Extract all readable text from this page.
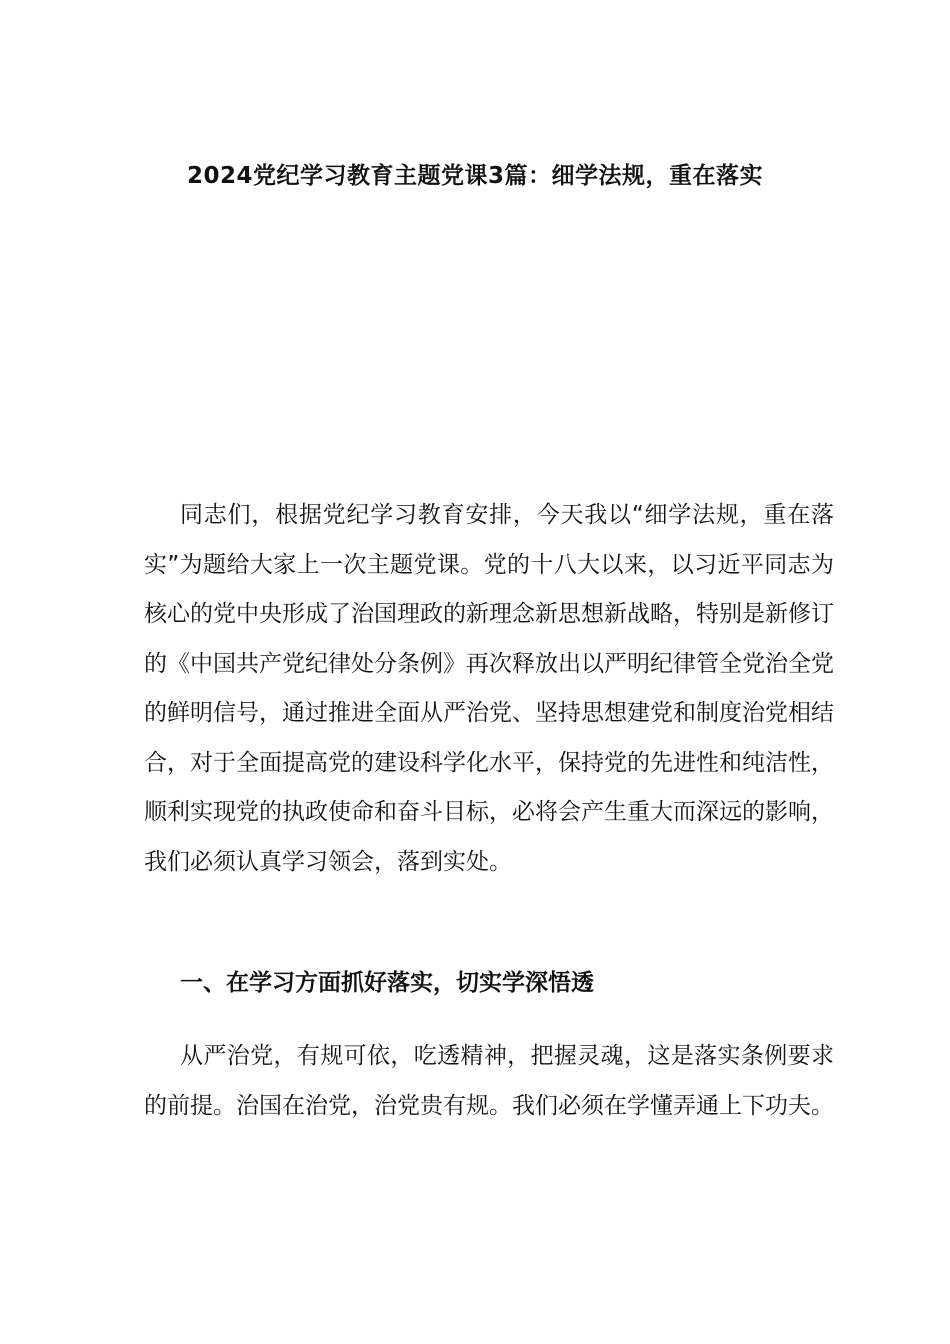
2024党纪学习教育主题党课3篇：细学法规，重在落实

同志们，根据党纪学习教育安排，今天我以“细学法规，重在落实”为题给大家上一次主题党课。党的十八大以来，以习近平同志为核心的党中央形成了治国理政的新理念新思想新战略，特别是新修订的《中国共产党纪律处分条例》再次释放出以严明纪律管全党治全党的鲜明信号，通过推进全面从严治党、坚持思想建党和制度治党相结合，对于全面提高党的建设科学化水平，保持党的先进性和纯洁性，顺利实现党的执政使命和奋斗目标，必将会产生重大而深远的影响，我们必须认真学习领会，落到实处。

一、在学习方面抓好落实，切实学深悟透

从严治党，有规可依，吃透精神，把握灵魂，这是落实条例要求的前提。治国在治党，治党贵有规。我们必须在学懂弄通上下功夫。
